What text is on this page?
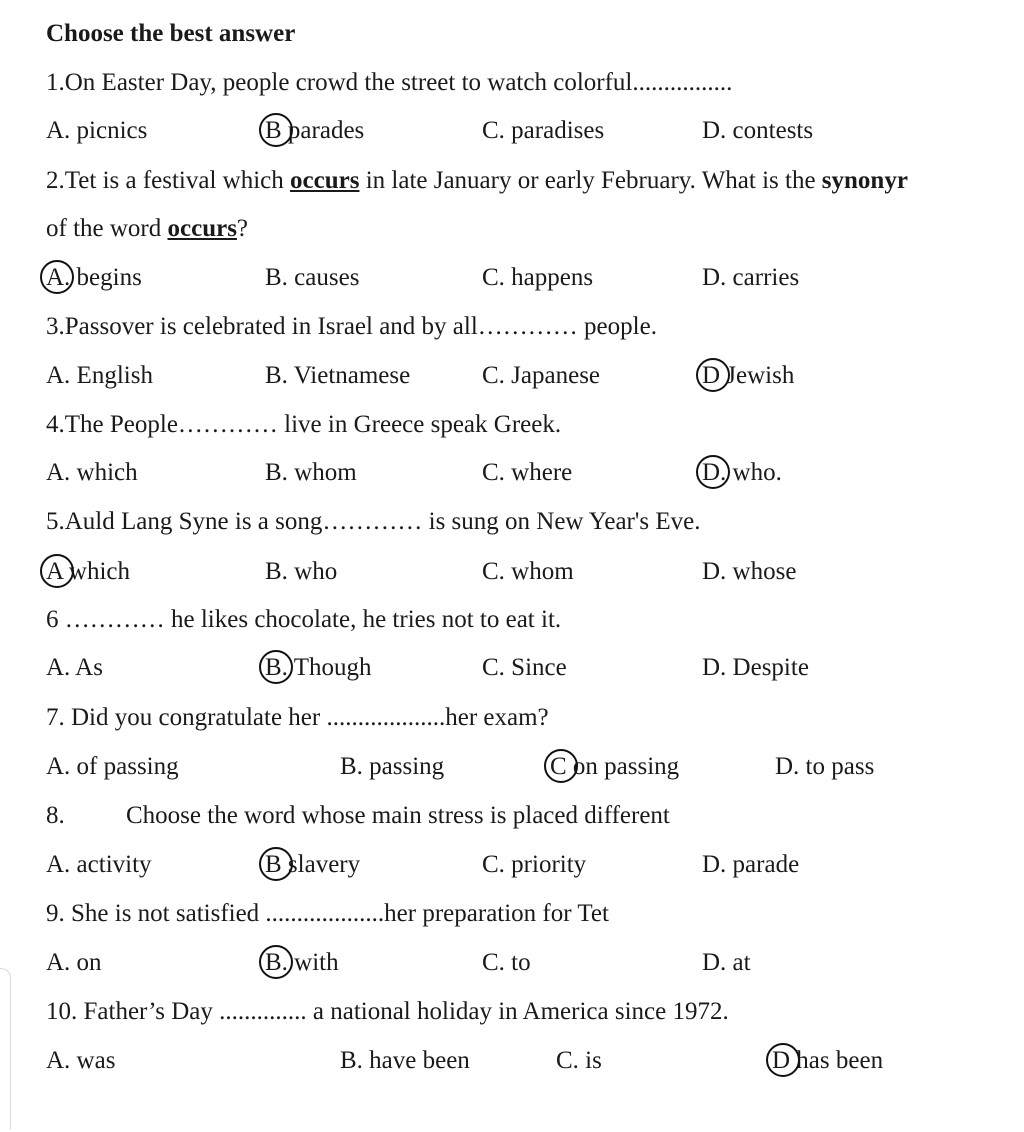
Choose the best answer
1.On Easter Day, people crowd the street to watch colorful................
A. picnics	B parades	C. paradises	D. contests
2.Tet is a festival which occurs in late January or early February. What is the synonyr
of the word occurs?
A. begins	B. causes	C. happens	D. carries
3.Passover is celebrated in Israel and by all………… people.
A. English	B. Vietnamese	C. Japanese	D Jewish
4.The People………… live in Greece speak Greek.
A. which	B. whom	C. where	D. who.
5.Auld Lang Syne is a song………… is sung on New Year's Eve.
A which	B. who	C. whom	D. whose
6 ………… he likes chocolate, he tries not to eat it.
A. As	B. Though	C. Since	D. Despite
7. Did you congratulate her ...................her exam?
A. of passing	B. passing	C on passing	D. to pass
8. Choose the word whose main stress is placed different
A. activity	B slavery	C. priority	D. parade
9. She is not satisfied ...................her preparation for Tet
A. on	B. with	C. to	D. at
10. Father’s Day .............. a national holiday in America since 1972.
A. was	B. have been	C. is	D has been
